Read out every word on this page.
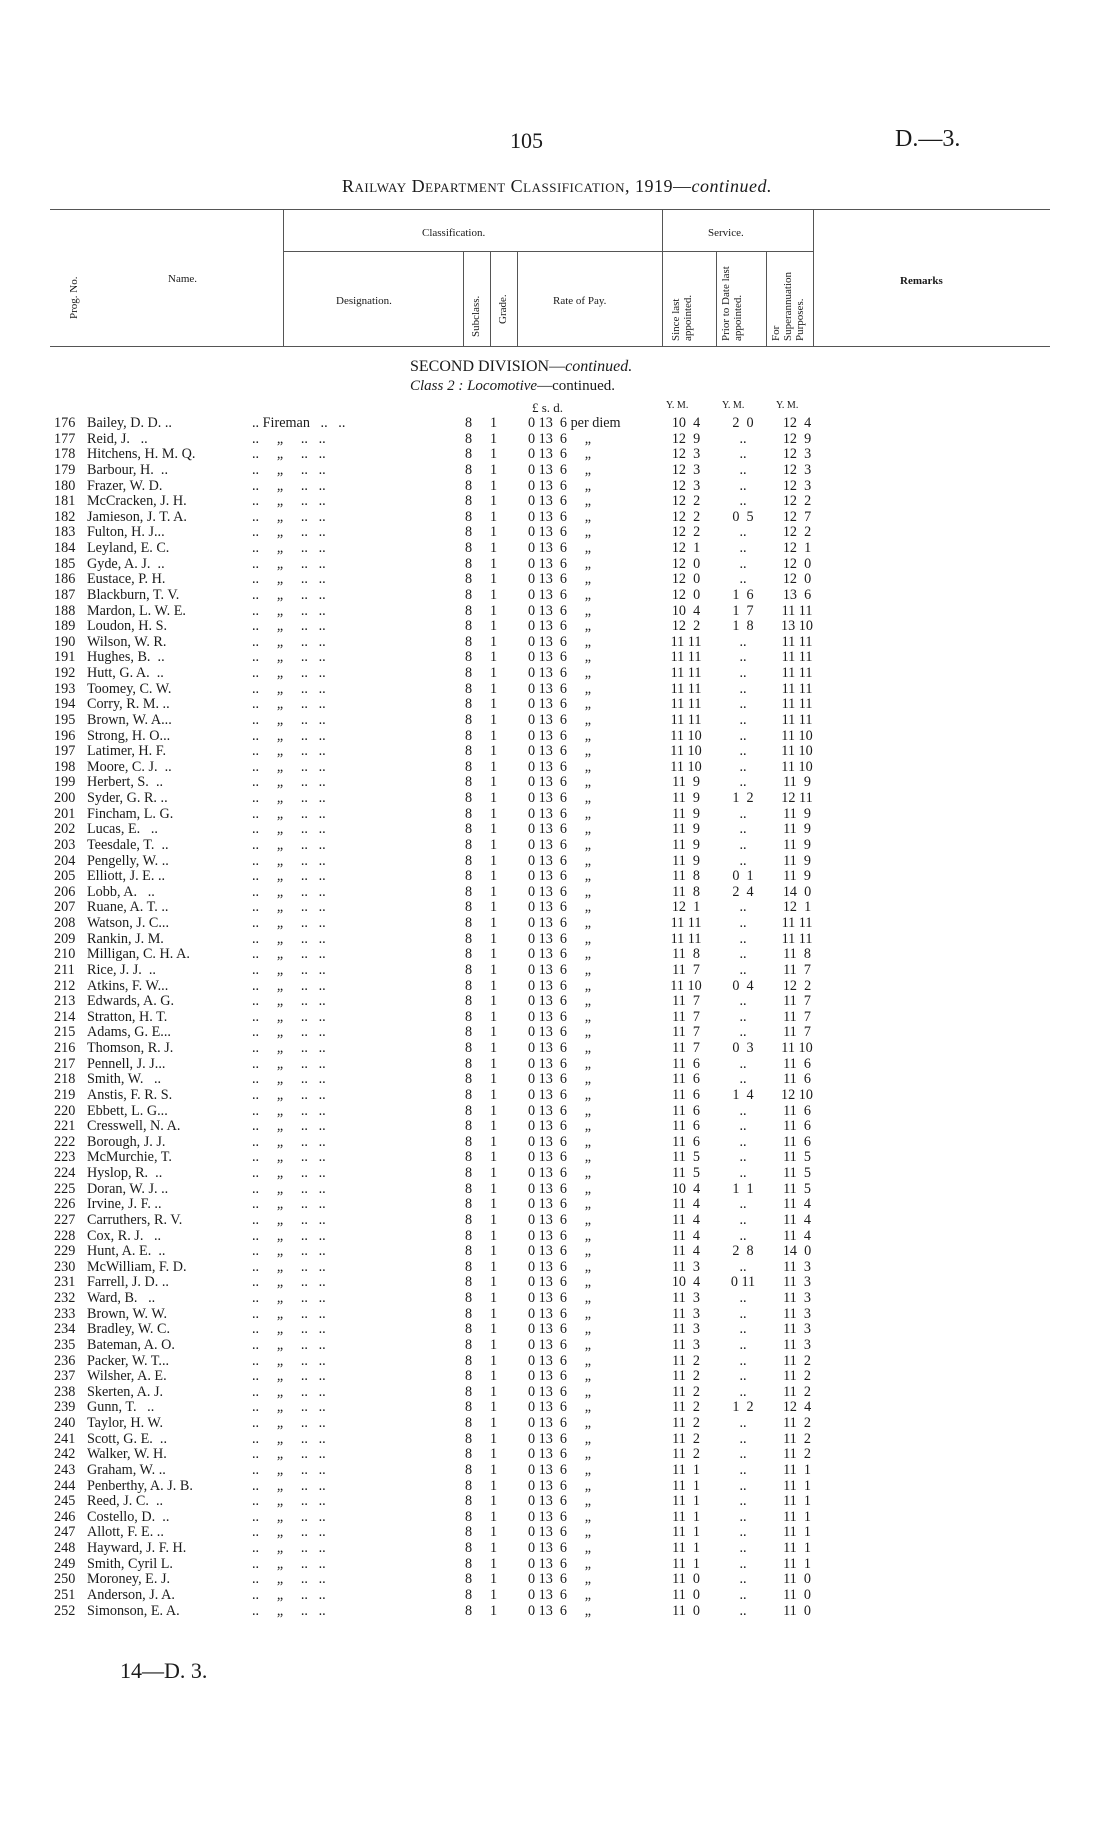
105	D.—3.
Railway Department Classification, 1919—continued.
Prog. No.	Name.
Classification.	Service.
Designation.	Subclass. Grade.	Rate of Pay.	Since last appointed. Prior to Date last appointed. For Superannuation Purposes.
Remarks
SECOND DIVISION—continued.
Class 2 : Locomotive—continued.
£ s. d.	Y. M.	Y. M.	Y. M.
176 Bailey, D. D. ..	.. Fireman   ..   ..	8 1 0 13  6 per diem	10  4	2  0	12  4
177 Reid, J.   ..	..     „     ..   ..	8 1 0 13  6     „	12  9	..	12  9
178 Hitchens, H. M. Q.	..     „     ..   ..	8 1 0 13  6     „	12  3	..	12  3
179 Barbour, H.  ..	..     „     ..   ..	8 1 0 13  6     „	12  3	..	12  3
180 Frazer, W. D.	..     „     ..   ..	8 1 0 13  6     „	12  3	..	12  3
181 McCracken, J. H.	..     „     ..   ..	8 1 0 13  6     „	12  2	..	12  2
182 Jamieson, J. T. A.	..     „     ..   ..	8 1 0 13  6     „	12  2	0  5	12  7
183 Fulton, H. J...	..     „     ..   ..	8 1 0 13  6     „	12  2	..	12  2
184 Leyland, E. C.	..     „     ..   ..	8 1 0 13  6     „	12  1	..	12  1
185 Gyde, A. J.  ..	..     „     ..   ..	8 1 0 13  6     „	12  0	..	12  0
186 Eustace, P. H.	..     „     ..   ..	8 1 0 13  6     „	12  0	..	12  0
187 Blackburn, T. V.	..     „     ..   ..	8 1 0 13  6     „	12  0	1  6	13  6
188 Mardon, L. W. E.	..     „     ..   ..	8 1 0 13  6     „	10  4	1  7	11 11
189 Loudon, H. S.	..     „     ..   ..	8 1 0 13  6     „	12  2	1  8	13 10
190 Wilson, W. R.	..     „     ..   ..	8 1 0 13  6     „	11 11	..	11 11
191 Hughes, B.  ..	..     „     ..   ..	8 1 0 13  6     „	11 11	..	11 11
192 Hutt, G. A.  ..	..     „     ..   ..	8 1 0 13  6     „	11 11	..	11 11
193 Toomey, C. W.	..     „     ..   ..	8 1 0 13  6     „	11 11	..	11 11
194 Corry, R. M. ..	..     „     ..   ..	8 1 0 13  6     „	11 11	..	11 11
195 Brown, W. A...	..     „     ..   ..	8 1 0 13  6     „	11 11	..	11 11
196 Strong, H. O...	..     „     ..   ..	8 1 0 13  6     „	11 10	..	11 10
197 Latimer, H. F.	..     „     ..   ..	8 1 0 13  6     „	11 10	..	11 10
198 Moore, C. J.  ..	..     „     ..   ..	8 1 0 13  6     „	11 10	..	11 10
199 Herbert, S.  ..	..     „     ..   ..	8 1 0 13  6     „	11  9	..	11  9
200 Syder, G. R. ..	..     „     ..   ..	8 1 0 13  6     „	11  9	1  2	12 11
201 Fincham, L. G.	..     „     ..   ..	8 1 0 13  6     „	11  9	..	11  9
202 Lucas, E.   ..	..     „     ..   ..	8 1 0 13  6     „	11  9	..	11  9
203 Teesdale, T.  ..	..     „     ..   ..	8 1 0 13  6     „	11  9	..	11  9
204 Pengelly, W. ..	..     „     ..   ..	8 1 0 13  6     „	11  9	..	11  9
205 Elliott, J. E. ..	..     „     ..   ..	8 1 0 13  6     „	11  8	0  1	11  9
206 Lobb, A.   ..	..     „     ..   ..	8 1 0 13  6     „	11  8	2  4	14  0
207 Ruane, A. T. ..	..     „     ..   ..	8 1 0 13  6     „	12  1	..	12  1
208 Watson, J. C...	..     „     ..   ..	8 1 0 13  6     „	11 11	..	11 11
209 Rankin, J. M.	..     „     ..   ..	8 1 0 13  6     „	11 11	..	11 11
210 Milligan, C. H. A.	..     „     ..   ..	8 1 0 13  6     „	11  8	..	11  8
211 Rice, J. J.  ..	..     „     ..   ..	8 1 0 13  6     „	11  7	..	11  7
212 Atkins, F. W...	..     „     ..   ..	8 1 0 13  6     „	11 10	0  4	12  2
213 Edwards, A. G.	..     „     ..   ..	8 1 0 13  6     „	11  7	..	11  7
214 Stratton, H. T.	..     „     ..   ..	8 1 0 13  6     „	11  7	..	11  7
215 Adams, G. E...	..     „     ..   ..	8 1 0 13  6     „	11  7	..	11  7
216 Thomson, R. J.	..     „     ..   ..	8 1 0 13  6     „	11  7	0  3	11 10
217 Pennell, J. J...	..     „     ..   ..	8 1 0 13  6     „	11  6	..	11  6
218 Smith, W.   ..	..     „     ..   ..	8 1 0 13  6     „	11  6	..	11  6
219 Anstis, F. R. S.	..     „     ..   ..	8 1 0 13  6     „	11  6	1  4	12 10
220 Ebbett, L. G...	..     „     ..   ..	8 1 0 13  6     „	11  6	..	11  6
221 Cresswell, N. A.	..     „     ..   ..	8 1 0 13  6     „	11  6	..	11  6
222 Borough, J. J.	..     „     ..   ..	8 1 0 13  6     „	11  6	..	11  6
223 McMurchie, T.	..     „     ..   ..	8 1 0 13  6     „	11  5	..	11  5
224 Hyslop, R.  ..	..     „     ..   ..	8 1 0 13  6     „	11  5	..	11  5
225 Doran, W. J. ..	..     „     ..   ..	8 1 0 13  6     „	10  4	1  1	11  5
226 Irvine, J. F. ..	..     „     ..   ..	8 1 0 13  6     „	11  4	..	11  4
227 Carruthers, R. V.	..     „     ..   ..	8 1 0 13  6     „	11  4	..	11  4
228 Cox, R. J.   ..	..     „     ..   ..	8 1 0 13  6     „	11  4	..	11  4
229 Hunt, A. E.  ..	..     „     ..   ..	8 1 0 13  6     „	11  4	2  8	14  0
230 McWilliam, F. D.	..     „     ..   ..	8 1 0 13  6     „	11  3	..	11  3
231 Farrell, J. D. ..	..     „     ..   ..	8 1 0 13  6     „	10  4	0 11	11  3
232 Ward, B.   ..	..     „     ..   ..	8 1 0 13  6     „	11  3	..	11  3
233 Brown, W. W.	..     „     ..   ..	8 1 0 13  6     „	11  3	..	11  3
234 Bradley, W. C.	..     „     ..   ..	8 1 0 13  6     „	11  3	..	11  3
235 Bateman, A. O.	..     „     ..   ..	8 1 0 13  6     „	11  3	..	11  3
236 Packer, W. T...	..     „     ..   ..	8 1 0 13  6     „	11  2	..	11  2
237 Wilsher, A. E.	..     „     ..   ..	8 1 0 13  6     „	11  2	..	11  2
238 Skerten, A. J.	..     „     ..   ..	8 1 0 13  6     „	11  2	..	11  2
239 Gunn, T.   ..	..     „     ..   ..	8 1 0 13  6     „	11  2	1  2	12  4
240 Taylor, H. W.	..     „     ..   ..	8 1 0 13  6     „	11  2	..	11  2
241 Scott, G. E.  ..	..     „     ..   ..	8 1 0 13  6     „	11  2	..	11  2
242 Walker, W. H.	..     „     ..   ..	8 1 0 13  6     „	11  2	..	11  2
243 Graham, W. ..	..     „     ..   ..	8 1 0 13  6     „	11  1	..	11  1
244 Penberthy, A. J. B.	..     „     ..   ..	8 1 0 13  6     „	11  1	..	11  1
245 Reed, J. C.  ..	..     „     ..   ..	8 1 0 13  6     „	11  1	..	11  1
246 Costello, D.  ..	..     „     ..   ..	8 1 0 13  6     „	11  1	..	11  1
247 Allott, F. E. ..	..     „     ..   ..	8 1 0 13  6     „	11  1	..	11  1
248 Hayward, J. F. H.	..     „     ..   ..	8 1 0 13  6     „	11  1	..	11  1
249 Smith, Cyril L.	..     „     ..   ..	8 1 0 13  6     „	11  1	..	11  1
250 Moroney, E. J.	..     „     ..   ..	8 1 0 13  6     „	11  0	..	11  0
251 Anderson, J. A.	..     „     ..   ..	8 1 0 13  6     „	11  0	..	11  0
252 Simonson, E. A.	..     „     ..   ..	8 1 0 13  6     „	11  0	..	11  0
14—D. 3.
